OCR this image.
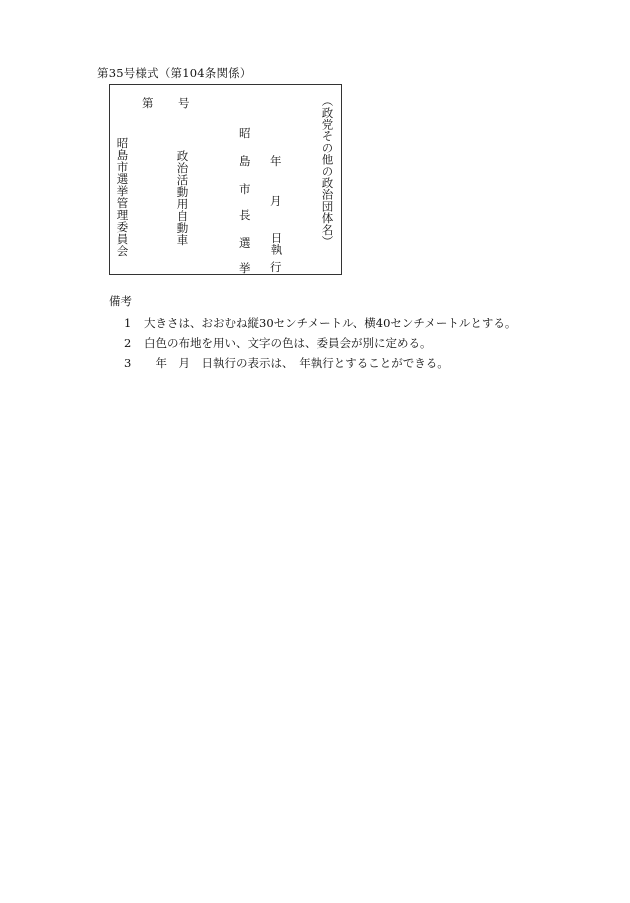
第35号様式（第104条関係）
昭島市選挙管理委員会
第 号
政治活動用自動車
昭
島
市
長
選
挙
年
月
日執
行
（政党その他の政治団体名）
備考
1 大きさは、おおむね縦30センチメートル、横40センチメートルとする。
2 白色の布地を用い、文字の色は、委員会が別に定める。
3　年　月　日執行の表示は、　年執行とすることができる。
